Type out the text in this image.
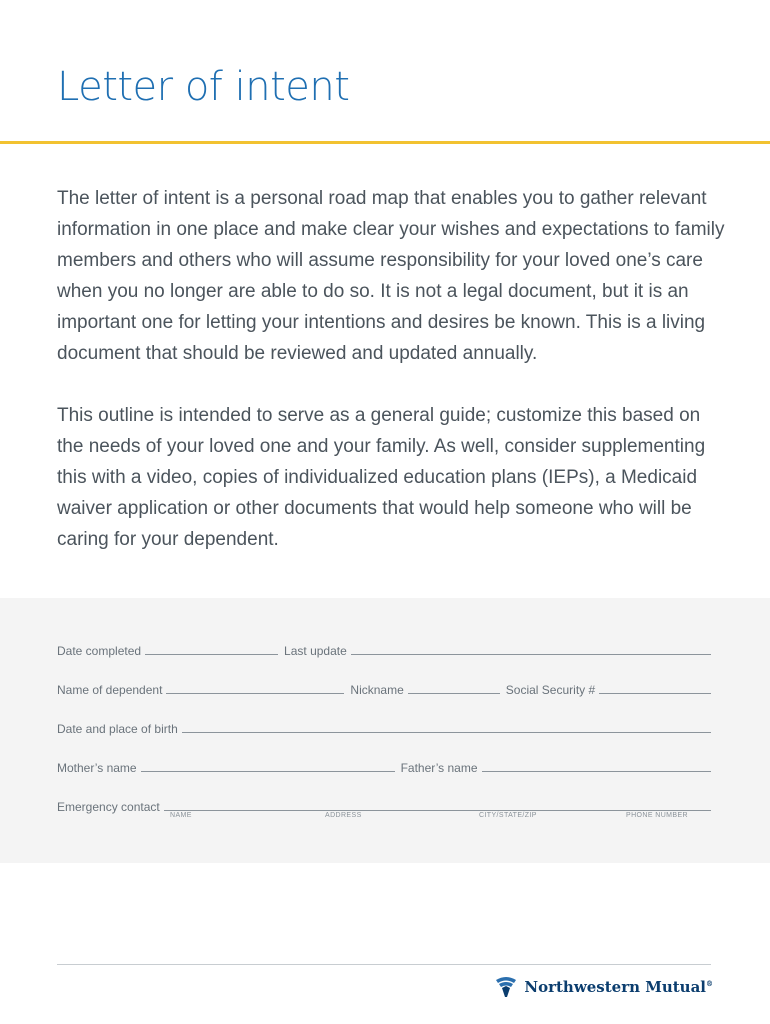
Letter of intent

The letter of intent is a personal road map that enables you to gather relevant information in one place and make clear your wishes and expectations to family members and others who will assume responsibility for your loved one’s care when you no longer are able to do so. It is not a legal document, but it is an important one for letting your intentions and desires be known. This is a living document that should be reviewed and updated annually.

This outline is intended to serve as a general guide; customize this based on the needs of your loved one and your family. As well, consider supplementing this with a video, copies of individualized education plans (IEPs), a Medicaid waiver application or other documents that would help someone who will be caring for your dependent.

Date completed	Last update
Name of dependent	Nickname	Social Security #
Date and place of birth
Mother’s name	Father’s name
Emergency contact
NAME	ADDRESS	CITY/STATE/ZIP	PHONE NUMBER
Northwestern Mutual®
